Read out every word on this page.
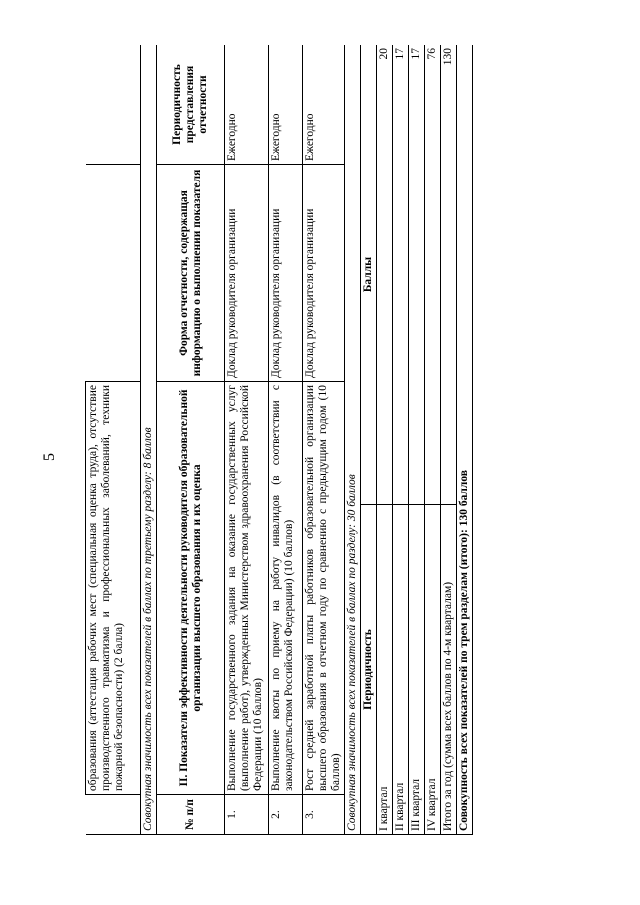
5
		образования (аттестация рабочих мест (специальная оценка труда), отсутствие производственного травматизма и профессиональных заболеваний, техники пожарной безопасности) (2 балла)		
Совокупная значимость всех показателей в баллах по третьему разделу: 8 баллов			
№ п/п	II. Показатели эффективности деятельности руководителя образовательной организации высшего образования и их оценка	Форма отчетности, содержащая информацию о выполнении показателя	Периодичность представления отчетности
1.	Выполнение государственного задания на оказание государственных услуг (выполнение работ), утвержденных Министерством здравоохранения Российской Федерации (10 баллов)	Доклад руководителя организации	Ежегодно
2.	Выполнение квоты по приему на работу инвалидов (в соответствии с законодательством Российской Федерации) (10 баллов)	Доклад руководителя организации	Ежегодно
3.	Рост средней заработной платы работников образовательной организации высшего образования в отчетном году по сравнению с предыдущим годом (10 баллов)	Доклад руководителя организации	Ежегодно
Совокупная значимость всех показателей в баллах по разделу: 30 баллов			Периодичность	Баллы
I квартал	20
II квартал	17
III квартал	17
IV квартал	76
Итого за год (сумма всех баллов по 4-м кварталам)	130
Совокупность всех показателей по трем разделам (итого): 130 баллов	
